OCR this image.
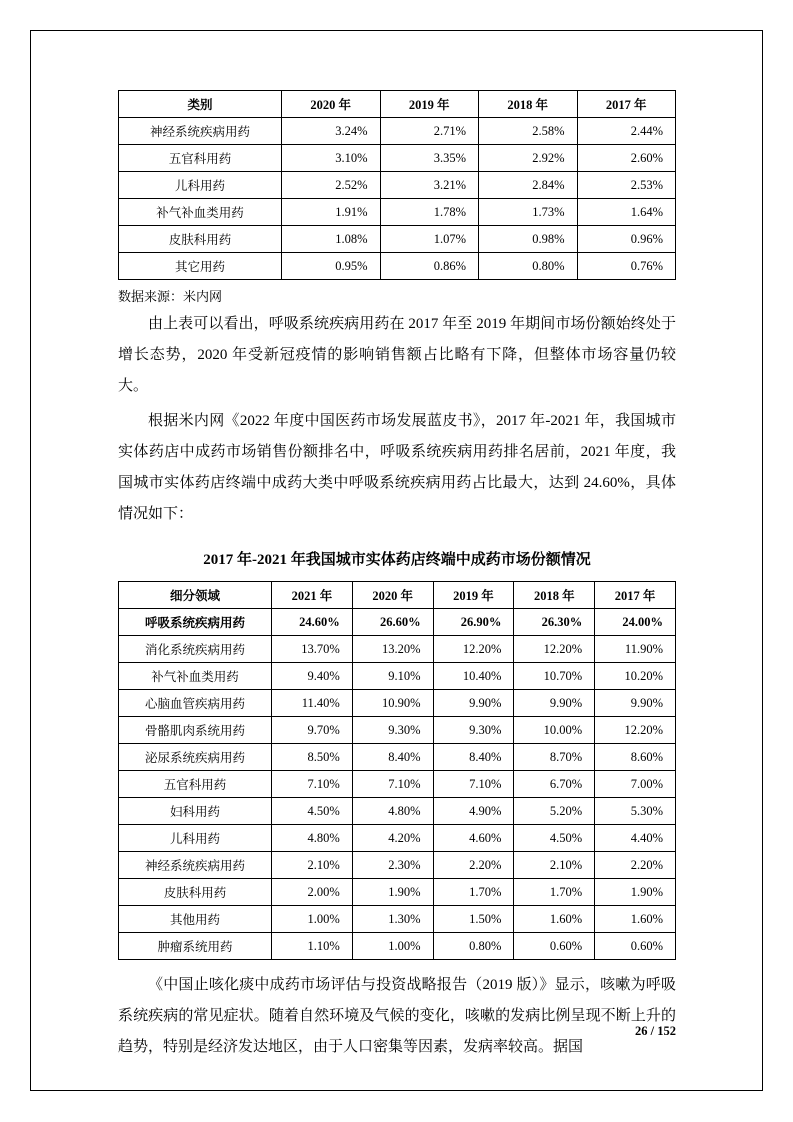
类别	2020 年	2019 年	2018 年	2017 年
神经系统疾病用药	3.24%	2.71%	2.58%	2.44%
五官科用药	3.10%	3.35%	2.92%	2.60%
儿科用药	2.52%	3.21%	2.84%	2.53%
补气补血类用药	1.91%	1.78%	1.73%	1.64%
皮肤科用药	1.08%	1.07%	0.98%	0.96%
其它用药	0.95%	0.86%	0.80%	0.76%
数据来源：米内网

由上表可以看出，呼吸系统疾病用药在 2017 年至 2019 年期间市场份额始终处于增长态势，2020 年受新冠疫情的影响销售额占比略有下降，但整体市场容量仍较大。

根据米内网《2022 年度中国医药市场发展蓝皮书》，2017 年-2021 年，我国城市实体药店中成药市场销售份额排名中，呼吸系统疾病用药排名居前，2021 年度，我国城市实体药店终端中成药大类中呼吸系统疾病用药占比最大，达到 24.60%，具体情况如下：

2017 年-2021 年我国城市实体药店终端中成药市场份额情况
细分领域	2021 年	2020 年	2019 年	2018 年	2017 年
呼吸系统疾病用药	24.60%	26.60%	26.90%	26.30%	24.00%
消化系统疾病用药	13.70%	13.20%	12.20%	12.20%	11.90%
补气补血类用药	9.40%	9.10%	10.40%	10.70%	10.20%
心脑血管疾病用药	11.40%	10.90%	9.90%	9.90%	9.90%
骨骼肌肉系统用药	9.70%	9.30%	9.30%	10.00%	12.20%
泌尿系统疾病用药	8.50%	8.40%	8.40%	8.70%	8.60%
五官科用药	7.10%	7.10%	7.10%	6.70%	7.00%
妇科用药	4.50%	4.80%	4.90%	5.20%	5.30%
儿科用药	4.80%	4.20%	4.60%	4.50%	4.40%
神经系统疾病用药	2.10%	2.30%	2.20%	2.10%	2.20%
皮肤科用药	2.00%	1.90%	1.70%	1.70%	1.90%
其他用药	1.00%	1.30%	1.50%	1.60%	1.60%
肿瘤系统用药	1.10%	1.00%	0.80%	0.60%	0.60%

《中国止咳化痰中成药市场评估与投资战略报告（2019 版）》显示，咳嗽为呼吸系统疾病的常见症状。随着自然环境及气候的变化，咳嗽的发病比例呈现不断上升的趋势，特别是经济发达地区，由于人口密集等因素，发病率较高。据国

26 / 152
